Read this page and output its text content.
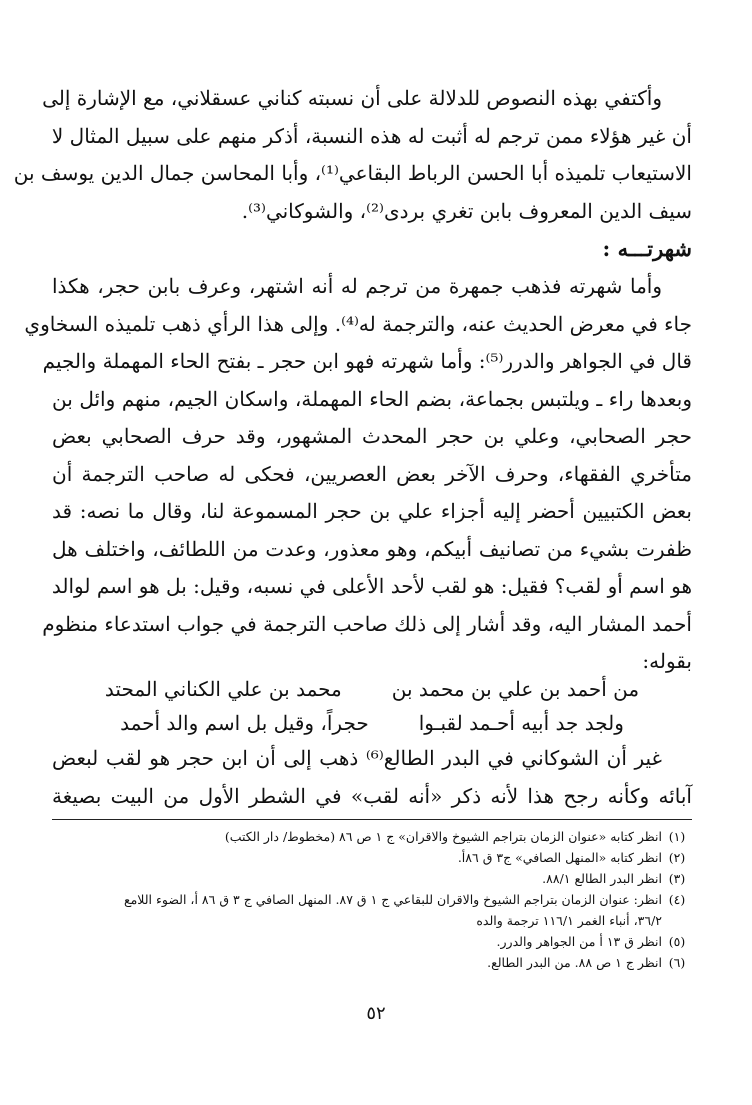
وأكتفي بهذه النصوص للدلالة على أن نسبته كناني عسقلاني، مع الإشارة إلى
أن غير هؤلاء ممن ترجم له أثبت له هذه النسبة، أذكر منهم على سبيل المثال لا
الاستيعاب تلميذه أبا الحسن الرباط البقاعي⁽¹⁾، وأبا المحاسن جمال الدين يوسف بن
سيف الدين المعروف بابن تغري بردى⁽²⁾، والشوكاني⁽³⁾.
شهرتـــه :
وأما شهرته فذهب جمهرة من ترجم له أنه اشتهر، وعرف بابن حجر، هكذا
جاء في معرض الحديث عنه، والترجمة له⁽⁴⁾. وإلى هذا الرأي ذهب تلميذه السخاوي
قال في الجواهر والدرر⁽⁵⁾: وأما شهرته فهو ابن حجر ـ بفتح الحاء المهملة والجيم
وبعدها راء ـ ويلتبس بجماعة، بضم الحاء المهملة، واسكان الجيم، منهم وائل بن
حجر الصحابي، وعلي بن حجر المحدث المشهور، وقد حرف الصحابي بعض
متأخري الفقهاء، وحرف الآخر بعض العصريين، فحكى له صاحب الترجمة أن
بعض الكتبيين أحضر إليه أجزاء علي بن حجر المسموعة لنا، وقال ما نصه: قد
ظفرت بشيء من تصانيف أبيكم، وهو معذور، وعدت من اللطائف، واختلف هل
هو اسم أو لقب؟ فقيل: هو لقب لأحد الأعلى في نسبه، وقيل: بل هو اسم لوالد
أحمد المشار اليه، وقد أشار إلى ذلك صاحب الترجمة في جواب استدعاء منظوم
بقوله:
من أحمد بن علي بن محمد بن
محمد بن علي الكناني المحتد
ولجد جد أبيه أحـمد لقبـوا
حجراً، وقيل بل اسم والد أحمد
غير أن الشوكاني في البدر الطالع⁽⁶⁾ ذهب إلى أن ابن حجر هو لقب لبعض
آبائه وكأنه رجح هذا لأنه ذكر «أنه لقب» في الشطر الأول من البيت بصيغة
(١)
انظر كتابه «عنوان الزمان بتراجم الشيوخ والاقران» ج ١ ص ٨٦ (مخطوط/ دار الكتب)
(٢)
انظر كتابه «المنهل الصافي» ج٣ ق ٨٦أ.
(٣)
انظر البدر الطالع ٨٨/١.
(٤)
انظر: عنوان الزمان بتراجم الشيوخ والاقران للبقاعي ج ١ ق ٨٧. المنهل الصافي ج ٣ ق ٨٦ أ، الضوء اللامع
٣٦/٢، أنباء الغمر ١١٦/١ ترجمة والده
(٥)
انظر ق ١٣ أ من الجواهر والدرر.
(٦)
انظر ج ١ ص ٨٨. من البدر الطالع.
٥٢
